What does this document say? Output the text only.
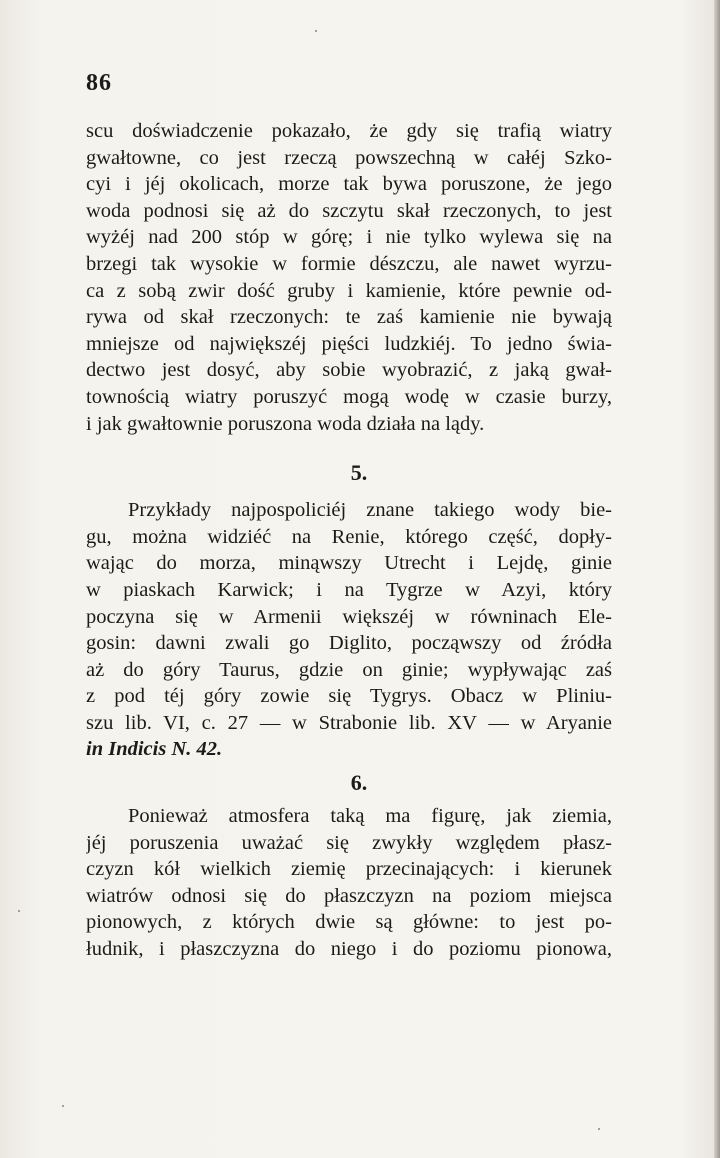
86
scu doświadczenie pokazało, że gdy się trafią wiatry
gwałtowne, co jest rzeczą powszechną w całéj Szko-
cyi i jéj okolicach, morze tak bywa poruszone, że jego
woda podnosi się aż do szczytu skał rzeczonych, to jest
wyżéj nad 200 stóp w górę; i nie tylko wylewa się na
brzegi tak wysokie w formie dészczu, ale nawet wyrzu-
ca z sobą zwir dość gruby i kamienie, które pewnie od-
rywa od skał rzeczonych: te zaś kamienie nie bywają
mniejsze od największéj pięści ludzkiéj. To jedno świa-
dectwo jest dosyć, aby sobie wyobrazić, z jaką gwał-
townością wiatry poruszyć mogą wodę w czasie burzy,
i jak gwałtownie poruszona woda działa na lądy.
5.
Przykłady najpospoliciéj znane takiego wody bie-
gu, można widziéć na Renie, którego część, dopły-
wając do morza, minąwszy Utrecht i Lejdę, ginie
w piaskach Karwick; i na Tygrze w Azyi, który
poczyna się w Armenii większéj w równinach Ele-
gosin: dawni zwali go Diglito, począwszy od źródła
aż do góry Taurus, gdzie on ginie; wypływając zaś
z pod téj góry zowie się Tygrys. Obacz w Pliniu-
szu lib. VI, c. 27 — w Strabonie lib. XV — w Aryanie
in Indicis N. 42.
6.
Ponieważ atmosfera taką ma figurę, jak ziemia,
jéj poruszenia uważać się zwykły względem płasz-
czyzn kół wielkich ziemię przecinających: i kierunek
wiatrów odnosi się do płaszczyzn na poziom miejsca
pionowych, z których dwie są główne: to jest po-
łudnik, i płaszczyzna do niego i do poziomu pionowa,
